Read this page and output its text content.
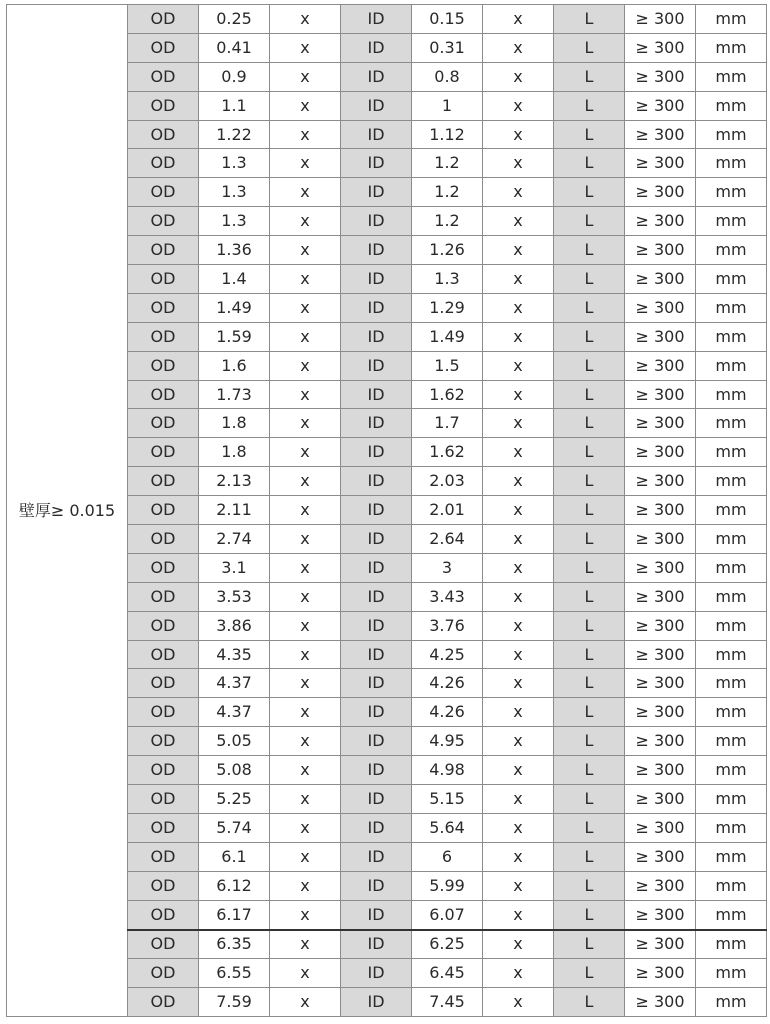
壁厚≥ 0.015	OD	0.25	x	ID	0.15	x	L	≥ 300	mm
	OD	0.41	x	ID	0.31	x	L	≥ 300	mm
	OD	0.9	x	ID	0.8	x	L	≥ 300	mm
	OD	1.1	x	ID	1	x	L	≥ 300	mm
	OD	1.22	x	ID	1.12	x	L	≥ 300	mm
	OD	1.3	x	ID	1.2	x	L	≥ 300	mm
	OD	1.3	x	ID	1.2	x	L	≥ 300	mm
	OD	1.3	x	ID	1.2	x	L	≥ 300	mm
	OD	1.36	x	ID	1.26	x	L	≥ 300	mm
	OD	1.4	x	ID	1.3	x	L	≥ 300	mm
	OD	1.49	x	ID	1.29	x	L	≥ 300	mm
	OD	1.59	x	ID	1.49	x	L	≥ 300	mm
	OD	1.6	x	ID	1.5	x	L	≥ 300	mm
	OD	1.73	x	ID	1.62	x	L	≥ 300	mm
	OD	1.8	x	ID	1.7	x	L	≥ 300	mm
	OD	1.8	x	ID	1.62	x	L	≥ 300	mm
	OD	2.13	x	ID	2.03	x	L	≥ 300	mm
	OD	2.11	x	ID	2.01	x	L	≥ 300	mm
	OD	2.74	x	ID	2.64	x	L	≥ 300	mm
	OD	3.1	x	ID	3	x	L	≥ 300	mm
	OD	3.53	x	ID	3.43	x	L	≥ 300	mm
	OD	3.86	x	ID	3.76	x	L	≥ 300	mm
	OD	4.35	x	ID	4.25	x	L	≥ 300	mm
	OD	4.37	x	ID	4.26	x	L	≥ 300	mm
	OD	4.37	x	ID	4.26	x	L	≥ 300	mm
	OD	5.05	x	ID	4.95	x	L	≥ 300	mm
	OD	5.08	x	ID	4.98	x	L	≥ 300	mm
	OD	5.25	x	ID	5.15	x	L	≥ 300	mm
	OD	5.74	x	ID	5.64	x	L	≥ 300	mm
	OD	6.1	x	ID	6	x	L	≥ 300	mm
	OD	6.12	x	ID	5.99	x	L	≥ 300	mm
	OD	6.17	x	ID	6.07	x	L	≥ 300	mm
	OD	6.35	x	ID	6.25	x	L	≥ 300	mm
	OD	6.55	x	ID	6.45	x	L	≥ 300	mm
	OD	7.59	x	ID	7.45	x	L	≥ 300	mm
